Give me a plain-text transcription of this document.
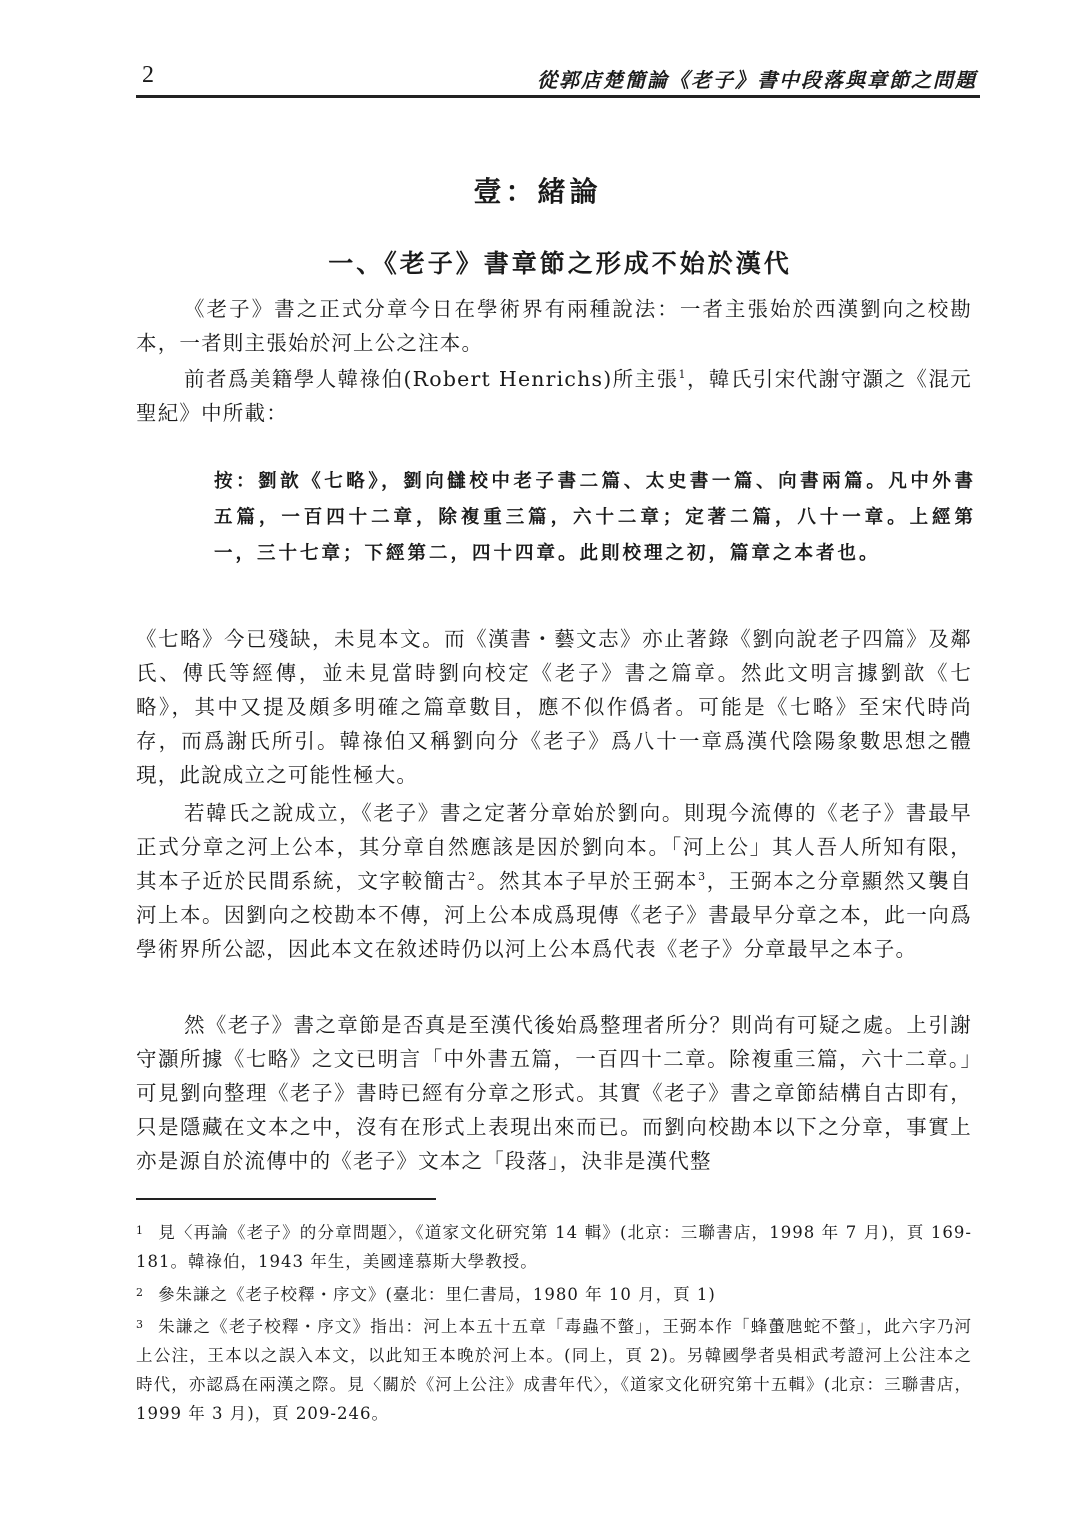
2	從郭店楚簡論《老子》書中段落與章節之問題
壹：緒論
一、《老子》書章節之形成不始於漢代

《老子》書之正式分章今日在學術界有兩種說法：一者主張始於西漢劉向之校勘本，一者則主張始於河上公之注本。

前者爲美籍學人韓祿伯(Robert Henrichs)所主張$^1$，韓氏引宋代謝守灝之《混元聖紀》中所載：

按：劉歆《七略》，劉向讎校中老子書二篇、太史書一篇、向書兩篇。凡中外書五篇，一百四十二章，除複重三篇，六十二章；定著二篇，八十一章。上經第一，三十七章；下經第二，四十四章。此則校理之初，篇章之本者也。

《七略》今已殘缺，未見本文。而《漢書・藝文志》亦止著錄《劉向說老子四篇》及鄰氏、傅氏等經傳，並未見當時劉向校定《老子》書之篇章。然此文明言據劉歆《七略》，其中又提及頗多明確之篇章數目，應不似作僞者。可能是《七略》至宋代時尚存，而爲謝氏所引。韓祿伯又稱劉向分《老子》爲八十一章爲漢代陰陽象數思想之體現，此說成立之可能性極大。

若韓氏之說成立，《老子》書之定著分章始於劉向。則現今流傳的《老子》書最早正式分章之河上公本，其分章自然應該是因於劉向本。「河上公」其人吾人所知有限，其本子近於民間系統，文字較簡古$^2$。然其本子早於王弼本$^3$，王弼本之分章顯然又襲自河上本。因劉向之校勘本不傳，河上公本成爲現傳《老子》書最早分章之本，此一向爲學術界所公認，因此本文在敘述時仍以河上公本爲代表《老子》分章最早之本子。

然《老子》書之章節是否真是至漢代後始爲整理者所分？則尚有可疑之處。上引謝守灝所據《七略》之文已明言「中外書五篇，一百四十二章。除複重三篇，六十二章。」可見劉向整理《老子》書時已經有分章之形式。其實《老子》書之章節結構自古即有，只是隱藏在文本之中，沒有在形式上表現出來而已。而劉向校勘本以下之分章，事實上亦是源自於流傳中的《老子》文本之「段落」，決非是漢代整

1 見〈再論《老子》的分章問題〉，《道家文化研究第 14 輯》(北京：三聯書店，1998 年 7 月)，頁 169-181。韓祿伯，1943 年生，美國達慕斯大學教授。

2 參朱謙之《老子校釋・序文》(臺北：里仁書局，1980 年 10 月，頁 1)

3 朱謙之《老子校釋・序文》指出：河上本五十五章「毒蟲不螫」，王弼本作「蜂蠆虺蛇不螫」，此六字乃河上公注，王本以之誤入本文，以此知王本晚於河上本。(同上，頁 2)。另韓國學者吳相武考證河上公注本之時代，亦認爲在兩漢之際。見〈關於《河上公注》成書年代〉，《道家文化研究第十五輯》(北京：三聯書店，1999 年 3 月)，頁 209-246。
